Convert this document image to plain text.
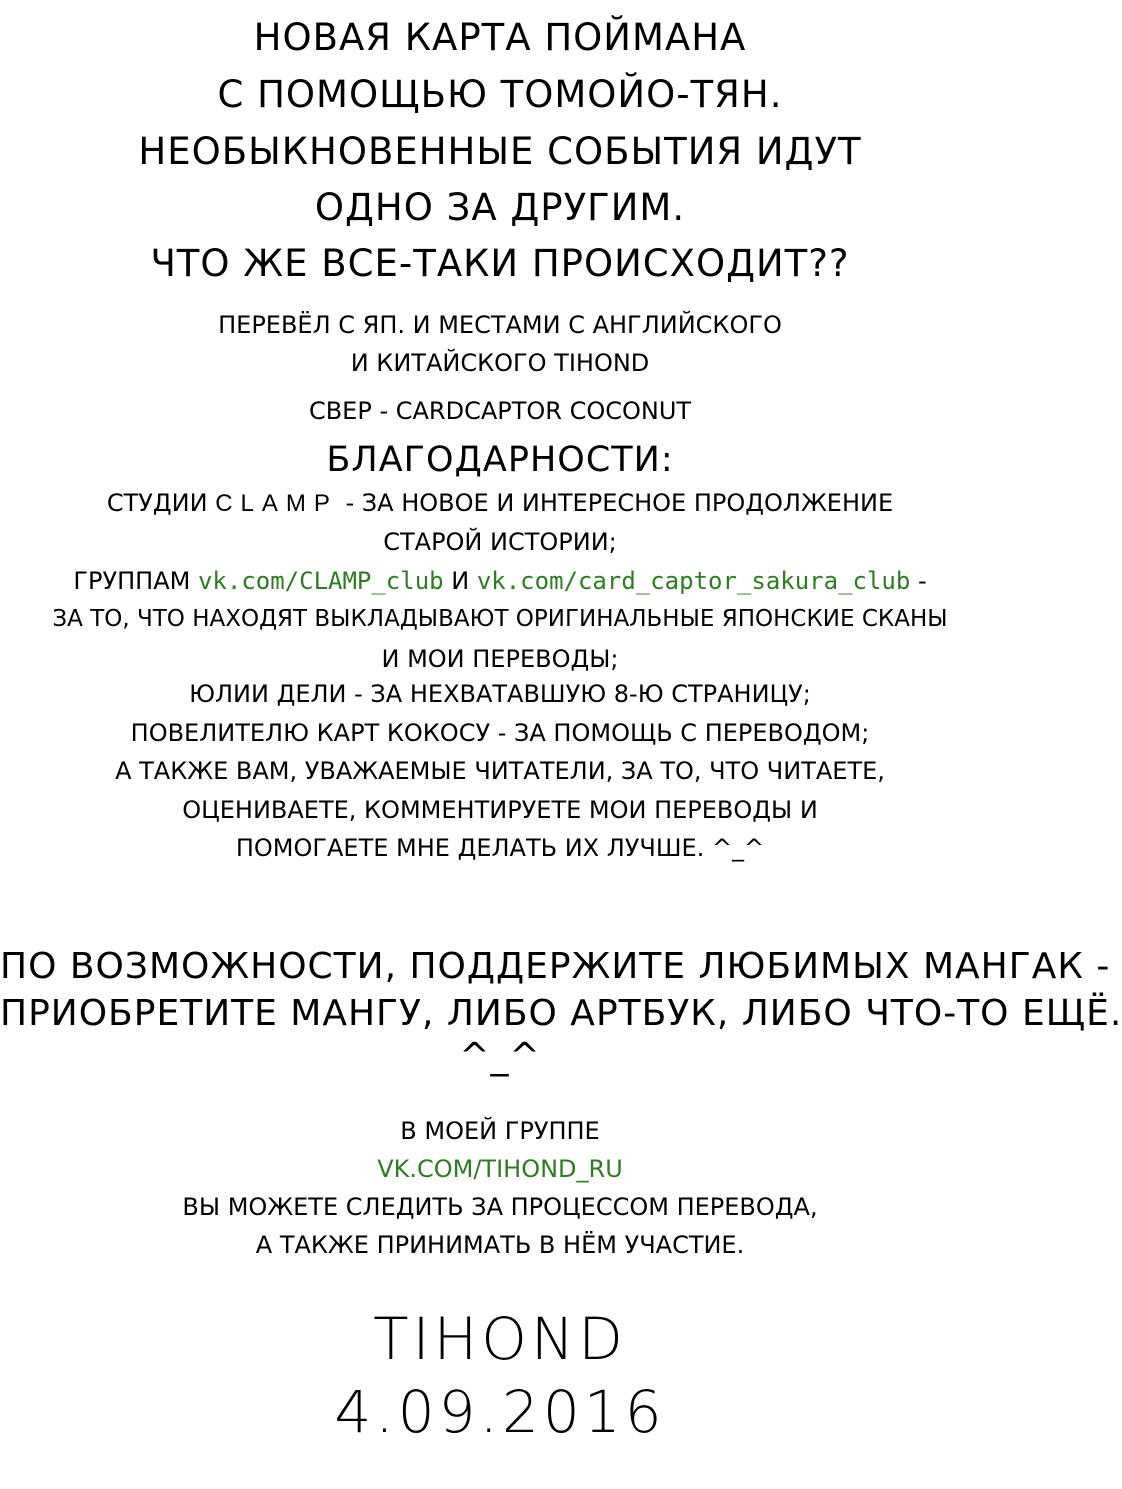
НОВАЯ КАРТА ПОЙМАНА
С ПОМОЩЬЮ ТОМОЙО-ТЯН.
НЕОБЫКНОВЕННЫЕ СОБЫТИЯ ИДУТ
ОДНО ЗА ДРУГИМ.
ЧТО ЖЕ ВСЕ-ТАКИ ПРОИСХОДИТ??
ПЕРЕВЁЛ С ЯП. И МЕСТАМИ С АНГЛИЙСКОГО
И КИТАЙСКОГО TIHOND
СВЕР - CARDCAPTOR COCONUT
БЛАГОДАРНОСТИ:
СТУДИИ CLAMP - ЗА НОВОЕ И ИНТЕРЕСНОЕ ПРОДОЛЖЕНИЕ
СТАРОЙ ИСТОРИИ;
ГРУППАМ vk.com/CLAMP_club И vk.com/card_captor_sakura_club -
ЗА ТО, ЧТО НАХОДЯТ ВЫКЛАДЫВАЮТ ОРИГИНАЛЬНЫЕ ЯПОНСКИЕ СКАНЫ
И МОИ ПЕРЕВОДЫ;
ЮЛИИ ДЕЛИ - ЗА НЕХВАТАВШУЮ 8-Ю СТРАНИЦУ;
ПОВЕЛИТЕЛЮ КАРТ КОКОСУ - ЗА ПОМОЩЬ С ПЕРЕВОДОМ;
А ТАКЖЕ ВАМ, УВАЖАЕМЫЕ ЧИТАТЕЛИ, ЗА ТО, ЧТО ЧИТАЕТЕ,
ОЦЕНИВАЕТЕ, КОММЕНТИРУЕТЕ МОИ ПЕРЕВОДЫ И
ПОМОГАЕТЕ МНЕ ДЕЛАТЬ ИХ ЛУЧШЕ. ^_^
ПО ВОЗМОЖНОСТИ, ПОДДЕРЖИТЕ ЛЮБИМЫХ МАНГАК -
ПРИОБРЕТИТЕ МАНГУ, ЛИБО АРТБУК, ЛИБО ЧТО-ТО ЕЩЁ.
^_^
В МОЕЙ ГРУППЕ
VK.COM/TIHOND_RU
ВЫ МОЖЕТЕ СЛЕДИТЬ ЗА ПРОЦЕССОМ ПЕРЕВОДА,
А ТАКЖЕ ПРИНИМАТЬ В НЁМ УЧАСТИЕ.
TIHOND
4.09.2016
